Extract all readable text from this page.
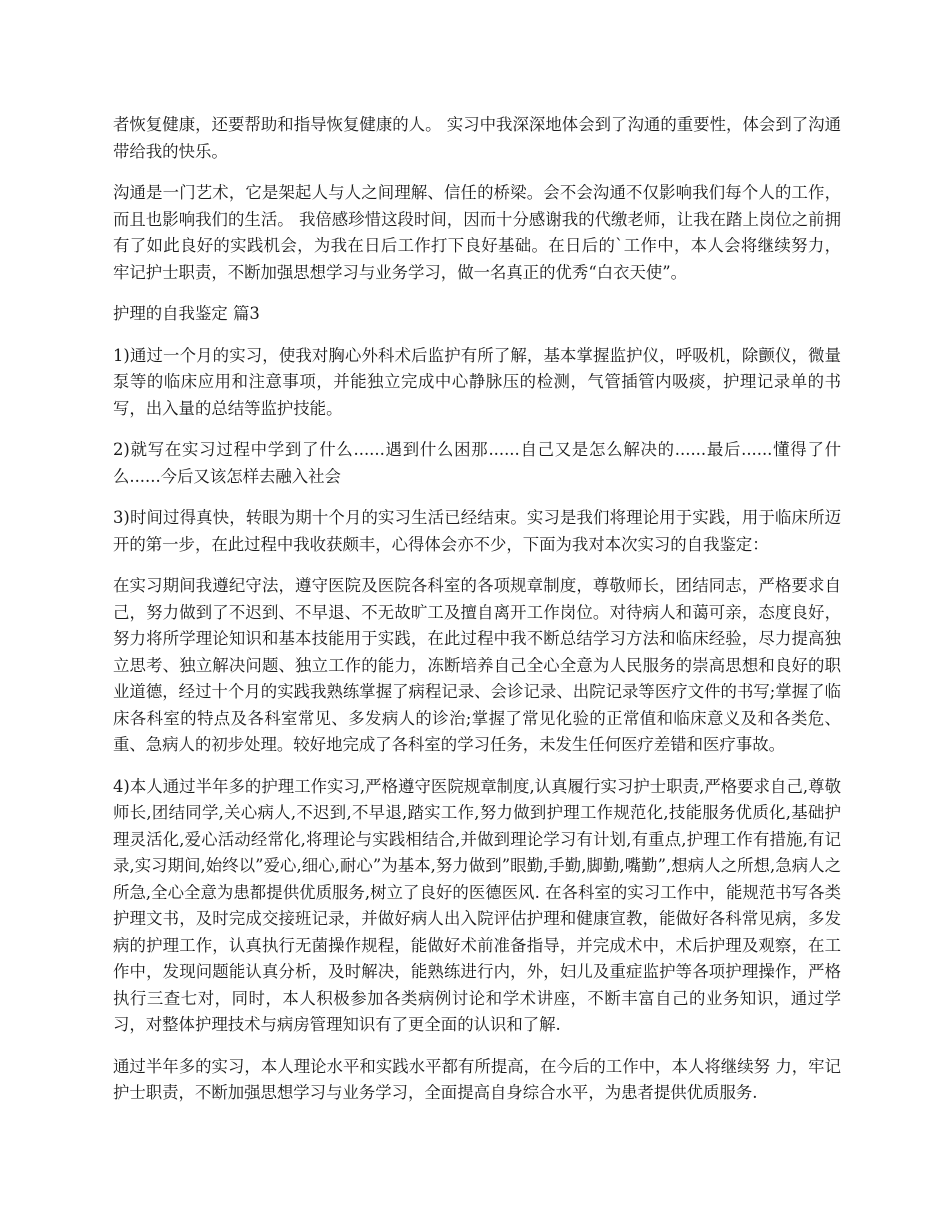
者恢复健康，还要帮助和指导恢复健康的人。 实习中我深深地体会到了沟通的重要性，体会到了沟通带给我的快乐。

沟通是一门艺术，它是架起人与人之间理解、信任的桥梁。会不会沟通不仅影响我们每个人的工作，而且也影响我们的生活。 我倍感珍惜这段时间，因而十分感谢我的代缴老师，让我在踏上岗位之前拥有了如此良好的实践机会，为我在日后工作打下良好基础。在日后的`工作中，本人会将继续努力，牢记护士职责，不断加强思想学习与业务学习，做一名真正的优秀“白衣天使”。

护理的自我鉴定 篇3

1)通过一个月的实习，使我对胸心外科术后监护有所了解，基本掌握监护仪，呼吸机，除颤仪，微量泵等的临床应用和注意事项，并能独立完成中心静脉压的检测，气管插管内吸痰，护理记录单的书写，出入量的总结等监护技能。

2)就写在实习过程中学到了什么......遇到什么困那......自己又是怎么解决的......最后......懂得了什么......今后又该怎样去融入社会

3)时间过得真快，转眼为期十个月的实习生活已经结束。实习是我们将理论用于实践，用于临床所迈开的第一步，在此过程中我收获颇丰，心得体会亦不少，下面为我对本次实习的自我鉴定：

在实习期间我遵纪守法，遵守医院及医院各科室的各项规章制度，尊敬师长，团结同志，严格要求自己，努力做到了不迟到、不早退、不无故旷工及擅自离开工作岗位。对待病人和蔼可亲，态度良好，努力将所学理论知识和基本技能用于实践，在此过程中我不断总结学习方法和临床经验，尽力提高独立思考、独立解决问题、独立工作的能力，冻断培养自己全心全意为人民服务的崇高思想和良好的职业道德，经过十个月的实践我熟练掌握了病程记录、会诊记录、出院记录等医疗文件的书写;掌握了临床各科室的特点及各科室常见、多发病人的诊治;掌握了常见化验的正常值和临床意义及和各类危、重、急病人的初步处理。较好地完成了各科室的学习任务，未发生任何医疗差错和医疗事故。

4)本人通过半年多的护理工作实习,严格遵守医院规章制度,认真履行实习护士职责,严格要求自己,尊敬师长,团结同学,关心病人,不迟到,不早退,踏实工作,努力做到护理工作规范化,技能服务优质化,基础护理灵活化,爱心活动经常化,将理论与实践相结合,并做到理论学习有计划,有重点,护理工作有措施,有记录,实习期间,始终以”爱心,细心,耐心”为基本,努力做到”眼勤,手勤,脚勤,嘴勤”,想病人之所想,急病人之所急,全心全意为患都提供优质服务,树立了良好的医德医风. 在各科室的实习工作中，能规范书写各类护理文书，及时完成交接班记录，并做好病人出入院评估护理和健康宣教，能做好各科常见病，多发病的护理工作，认真执行无菌操作规程，能做好术前准备指导，并完成术中，术后护理及观察，在工作中，发现问题能认真分析，及时解决，能熟练进行内，外，妇儿及重症监护等各项护理操作，严格执行三查七对，同时，本人积极参加各类病例讨论和学术讲座，不断丰富自己的业务知识，通过学习，对整体护理技术与病房管理知识有了更全面的认识和了解.

通过半年多的实习，本人理论水平和实践水平都有所提高，在今后的工作中，本人将继续努 力，牢记护士职责，不断加强思想学习与业务学习，全面提高自身综合水平，为患者提供优质服务.
